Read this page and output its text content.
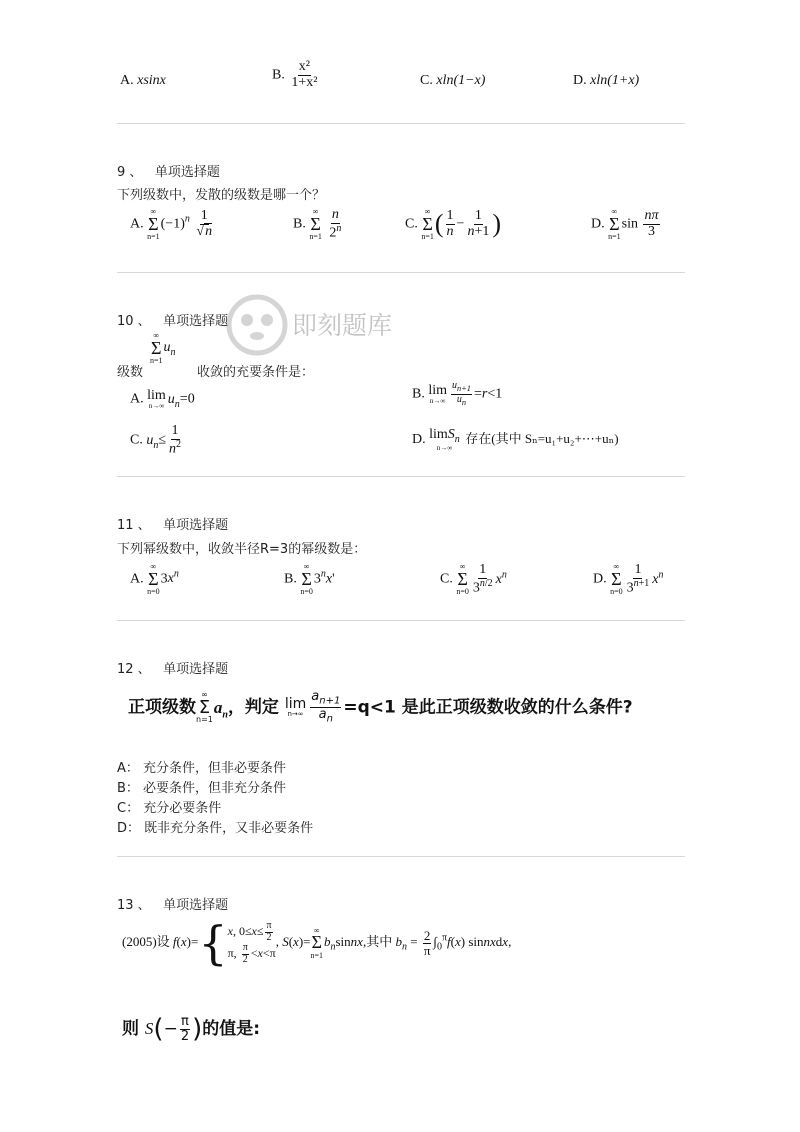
即刻题库
A. xsinx	B. $\frac{\text{x²}}{\text{1+x²}}$	C. xln(1−x)	D. xln(1+x)
9 、 单项选择题
下列级数中，发散的级数是哪一个？
A.
∞
Σ
n=1
$(-1)^n \frac{1}{√n}$	B.
∞
Σ
n=1
$\frac{n}{2^n}$	C.
∞
Σ
n=1 ( $\frac{1}{n} - \frac{1}{n+1}$ )	D.
∞
Σ
n=1
$\sin \frac{n\pi}{3}$
10 、 单项选择题
级数
∞
Σ
n=1
$u_n$
收敛的充要条件是：
A. lim
n→∞ $u_n=0$	B. lim
$n\to\infty \frac{u_{n+1}}{u_n} =r<1$
C. $u_n\le \frac{1}{n^2}$	D. limS$_n$
n→∞
存在(其中 Sₙ=u₁+u₂+⋯+uₙ)
11 、 单项选择题
下列幂级数中，收敛半径R=3的幂级数是：
A.
∞
Σ
n=0
$3x^n$	B.
∞
Σ
n=0
3$^n$x'	C.
∞
Σ
$n=0 \frac{1}{3^{n/2}} x^n$	D.
∞
Σ
$n=0 \frac{1}{3^{n+1}} x^n$
12 、 单项选择题
正项级数
∞
Σ
n=1
$a_n$，判定 lim
$n\to\infty \frac{a_{n+1}}{a_n} =q<1$ 是此正项级数收敛的什么条件?
A： 充分条件，但非必要条件
B： 必要条件，但非充分条件
C： 充分必要条件
D： 既非充分条件，又非必要条件
13 、 单项选择题
(2005)设 f(x)={ x, $0\le x\le \frac{\pi}{2}$
π, $\frac{\pi}{2} <x<\pi$
, S(x)=
∞
Σ
n=1
$b_nsinnx$,其中 $b_n = \frac{2}{\pi} \int_0^\pi f(x)$ sinnxdx,
则 $S(- \frac{\pi}{2}$ )的值是:
